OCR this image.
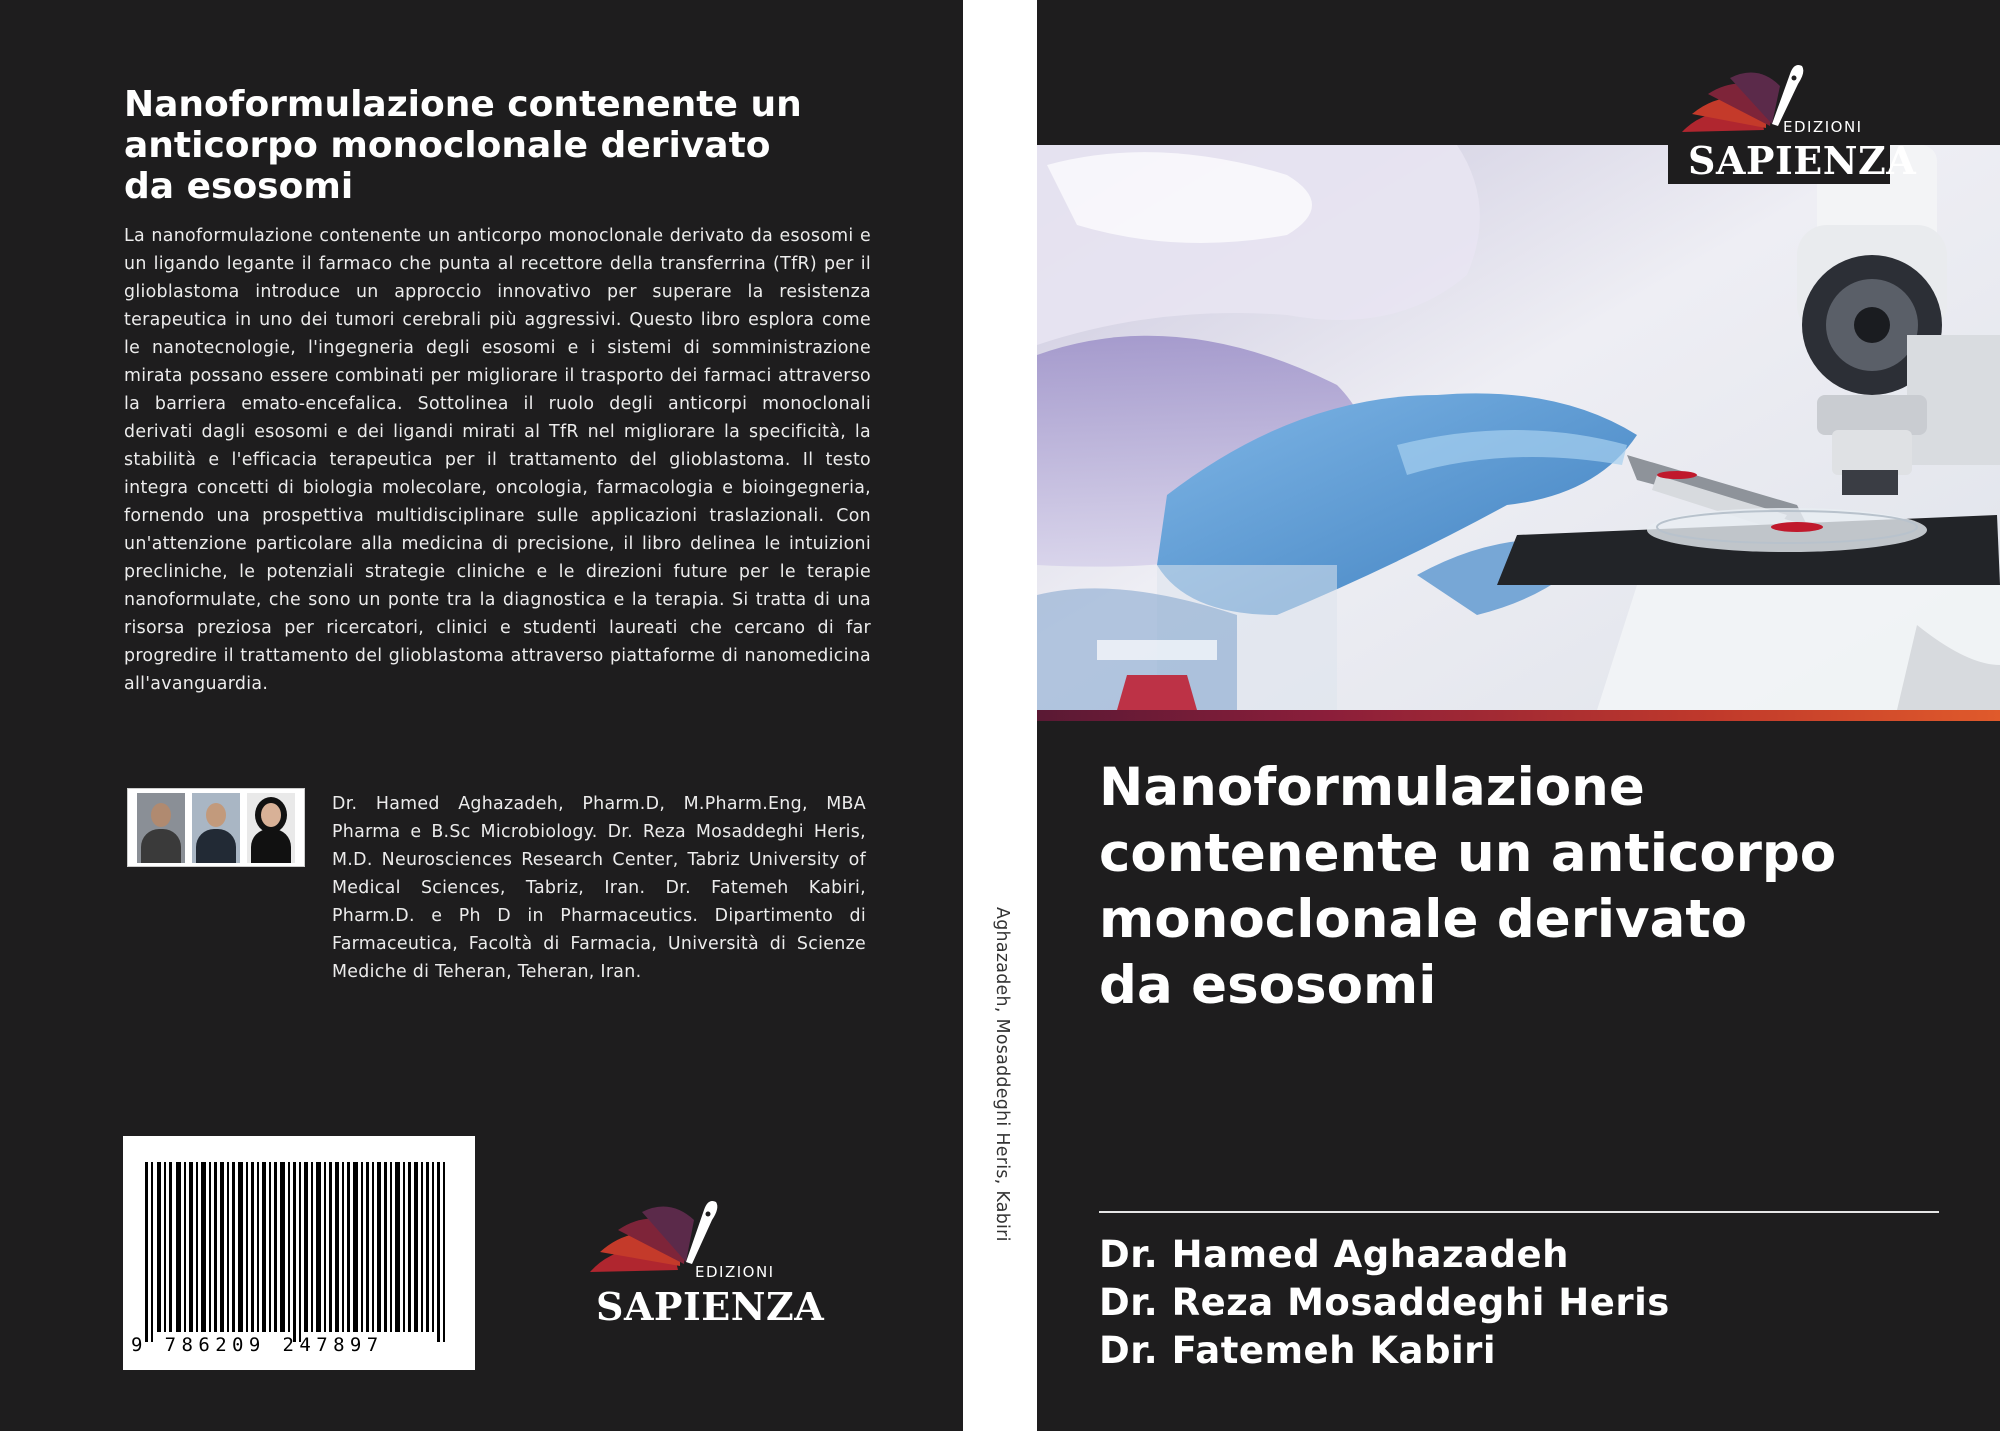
Nanoformulazione contenente un
anticorpo monoclonale derivato
da esosomi
La nanoformulazione contenente un anticorpo monoclonale derivato da esosomi e un ligando legante il farmaco che punta al recettore della transferrina (TfR) per il glioblastoma introduce un approccio innovativo per superare la resistenza terapeutica in uno dei tumori cerebrali più aggressivi. Questo libro esplora come le nanotecnologie, l'ingegneria degli esosomi e i sistemi di somministrazione mirata possano essere combinati per migliorare il trasporto dei farmaci attraverso la barriera emato-encefalica. Sottolinea il ruolo degli anticorpi monoclonali derivati dagli esosomi e dei ligandi mirati al TfR nel migliorare la specificità, la stabilità e l'efficacia terapeutica per il trattamento del glioblastoma. Il testo integra concetti di biologia molecolare, oncologia, farmacologia e bioingegneria, fornendo una prospettiva multidisciplinare sulle applicazioni traslazionali. Con un'attenzione particolare alla medicina di precisione, il libro delinea le intuizioni precliniche, le potenziali strategie cliniche e le direzioni future per le terapie nanoformulate, che sono un ponte tra la diagnostica e la terapia. Si tratta di una risorsa preziosa per ricercatori, clinici e studenti laureati che cercano di far progredire il trattamento del glioblastoma attraverso piattaforme di nanomedicina all'avanguardia.
Dr. Hamed Aghazadeh, Pharm.D, M.Pharm.Eng, MBA Pharma e B.Sc Microbiology. Dr. Reza Mosaddeghi Heris, M.D. Neurosciences Research Center, Tabriz University of Medical Sciences, Tabriz, Iran. Dr. Fatemeh Kabiri, Pharm.D. e Ph D in Pharmaceutics. Dipartimento di Farmaceutica, Facoltà di Farmacia, Università di Scienze Mediche di Teheran, Teheran, Iran.
9 786209 247897
EDIZIONI
SAPIENZA
Aghazadeh, Mosaddeghi Heris, Kabiri
EDIZIONI
SAPIENZA
Nanoformulazione
contenente un anticorpo
monoclonale derivato
da esosomi
Dr. Hamed Aghazadeh
Dr. Reza Mosaddeghi Heris
Dr. Fatemeh Kabiri
